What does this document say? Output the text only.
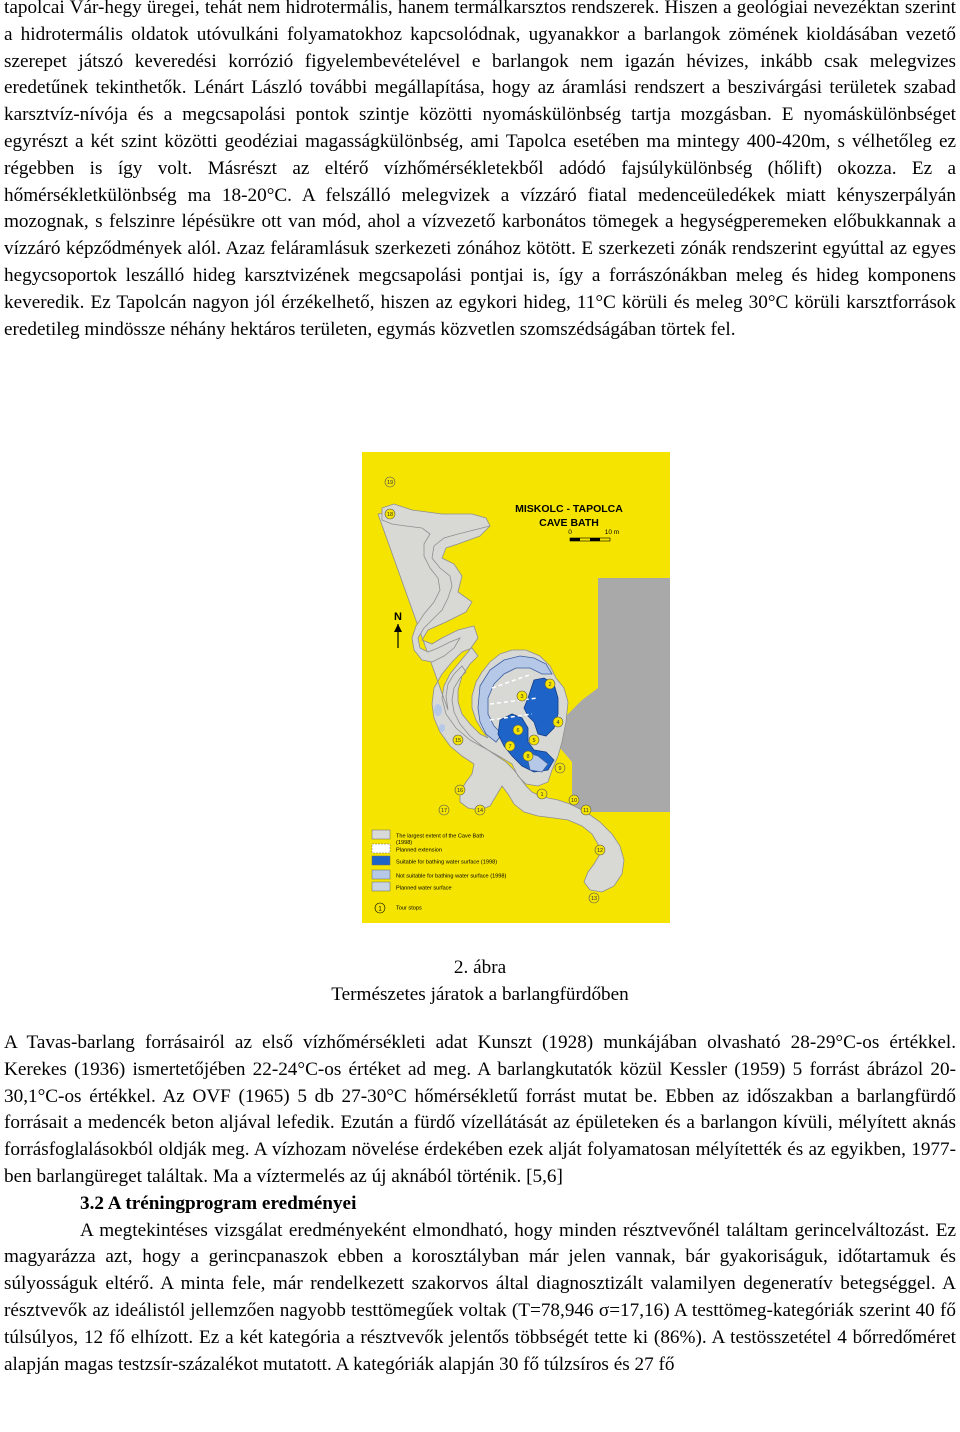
tapolcai Vár-hegy üregei, tehát nem hidrotermális, hanem termálkarsztos rendszerek. Hiszen a geológiai nevezéktan szerint a hidrotermális oldatok utóvulkáni folyamatokhoz kapcsolódnak, ugyanakkor a barlangok zömének kioldásában vezető szerepet játszó keveredési korrózió figyelembevételével e barlangok nem igazán hévizes, inkább csak melegvizes eredetűnek tekinthetők. Lénárt László további megállapítása, hogy az áramlási rendszert a beszivárgási területek szabad karsztvíz-nívója és a megcsapolási pontok szintje közötti nyomáskülönbség tartja mozgásban. E nyomáskülönbséget egyrészt a két szint közötti geodéziai magasságkülönbség, ami Tapolca esetében ma mintegy 400-420m, s vélhetőleg ez régebben is így volt. Másrészt az eltérő vízhőmérsékletekből adódó fajsúlykülönbség (hőlift) okozza. Ez a hőmérsékletkülönbség ma 18-20°C. A felszálló melegvizek a vízzáró fiatal medenceüledékek miatt kényszerpályán mozognak, s felszinre lépésükre ott van mód, ahol a vízvezető karbonátos tömegek a hegységperemeken előbukkannak a vízzáró képződmények alól. Azaz feláramlásuk szerkezeti zónához kötött. E szerkezeti zónák rendszerint egyúttal az egyes hegycsoportok leszálló hideg karsztvizének megcsapolási pontjai is, így a forrászónákban meleg és hideg komponens keveredik. Ez Tapolcán nagyon jól érzékelhető, hiszen az egykori hideg, 11°C körüli és meleg 30°C körüli karsztforrások eredetileg mindössze néhány hektáros területen, egymás közvetlen szomszédságában törtek fel.

2. ábra
Természetes járatok a barlangfürdőben

A Tavas-barlang forrásairól az első vízhőmérsékleti adat Kunszt (1928) munkájában olvasható 28-29°C-os értékkel. Kerekes (1936) ismertetőjében 22-24°C-os értéket ad meg. A barlangkutatók közül Kessler (1959) 5 forrást ábrázol 20-30,1°C-os értékkel. Az OVF (1965) 5 db 27-30°C hőmérsékletű forrást mutat be. Ebben az időszakban a barlangfürdő forrásait a medencék beton aljával lefedik. Ezután a fürdő vízellátását az épületeken és a barlangon kívüli, mélyített aknás forrásfoglalásokból oldják meg. A vízhozam növelése érdekében ezek alját folyamatosan mélyítették és az egyikben, 1977-ben barlangüreget találtak. Ma a víztermelés az új aknából történik. [5,6]

3.2 A tréningprogram eredményei

A megtekintéses vizsgálat eredményeként elmondható, hogy minden résztvevőnél találtam gerincelváltozást. Ez magyarázza azt, hogy a gerincpanaszok ebben a korosztályban már jelen vannak, bár gyakoriságuk, időtartamuk és súlyosságuk eltérő. A minta fele, már rendelkezett szakorvos által diagnosztizált valamilyen degeneratív betegséggel. A résztvevők az ideálistól jellemzően nagyobb testtömegűek voltak (T=78,946 σ=17,16) A testtömeg-kategóriák szerint 40 fő túlsúlyos, 12 fő elhízott. Ez a két kategória a résztvevők jelentős többségét tette ki (86%). A testösszetétel 4 bőrredőméret alapján magas testzsír-százalékot mutatott. A kategóriák alapján 30 fő túlzsíros és 27 fő

MISKOLC - TAPOLCA
CAVE BATH
0	10 m
N
The largest extent of the Cave Bath
(1998)
Planned extension
Suitable for bathing water surface (1998)
Not suitable for bathing water surface (1998)
Planned water surface
1	Tour stops
19
18
15
16
17	14
2
3
4
5
6
7
8
9
10
11
12
13
1
